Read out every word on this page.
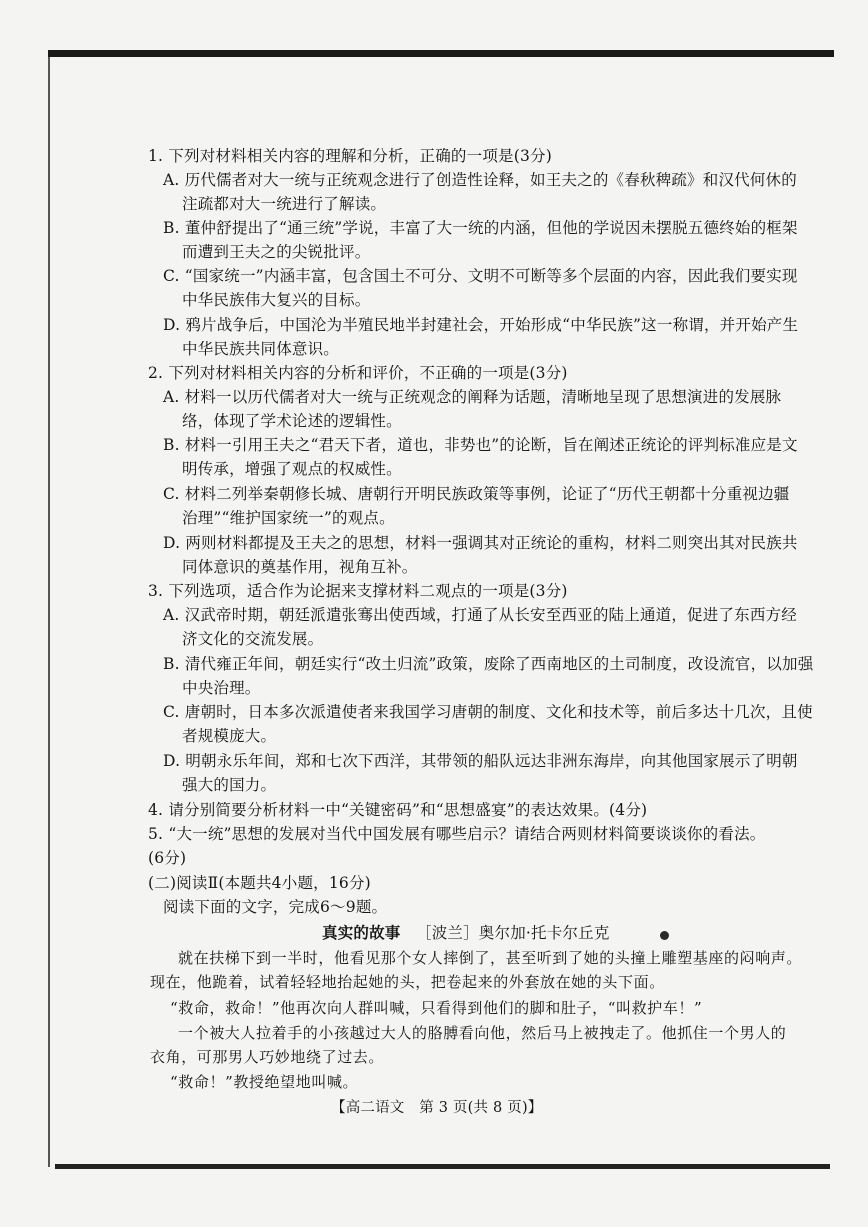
1. 下列对材料相关内容的理解和分析，正确的一项是(3分)
A. 历代儒者对大一统与正统观念进行了创造性诠释，如王夫之的《春秋稗疏》和汉代何休的
注疏都对大一统进行了解读。
B. 董仲舒提出了“通三统”学说，丰富了大一统的内涵，但他的学说因未摆脱五德终始的框架
而遭到王夫之的尖锐批评。
C. “国家统一”内涵丰富，包含国土不可分、文明不可断等多个层面的内容，因此我们要实现
中华民族伟大复兴的目标。
D. 鸦片战争后，中国沦为半殖民地半封建社会，开始形成“中华民族”这一称谓，并开始产生
中华民族共同体意识。
2. 下列对材料相关内容的分析和评价，不正确的一项是(3分)
A. 材料一以历代儒者对大一统与正统观念的阐释为话题，清晰地呈现了思想演进的发展脉
络，体现了学术论述的逻辑性。
B. 材料一引用王夫之“君天下者，道也，非势也”的论断，旨在阐述正统论的评判标准应是文
明传承，增强了观点的权威性。
C. 材料二列举秦朝修长城、唐朝行开明民族政策等事例，论证了“历代王朝都十分重视边疆
治理”“维护国家统一”的观点。
D. 两则材料都提及王夫之的思想，材料一强调其对正统论的重构，材料二则突出其对民族共
同体意识的奠基作用，视角互补。
3. 下列选项，适合作为论据来支撑材料二观点的一项是(3分)
A. 汉武帝时期，朝廷派遣张骞出使西域，打通了从长安至西亚的陆上通道，促进了东西方经
济文化的交流发展。
B. 清代雍正年间，朝廷实行“改土归流”政策，废除了西南地区的土司制度，改设流官，以加强
中央治理。
C. 唐朝时，日本多次派遣使者来我国学习唐朝的制度、文化和技术等，前后多达十几次，且使
者规模庞大。
D. 明朝永乐年间，郑和七次下西洋，其带领的船队远达非洲东海岸，向其他国家展示了明朝
强大的国力。
4. 请分别简要分析材料一中“关键密码”和“思想盛宴”的表达效果。(4分)
5. “大一统”思想的发展对当代中国发展有哪些启示？请结合两则材料简要谈谈你的看法。
(6分)
(二)阅读Ⅱ(本题共4小题，16分)
阅读下面的文字，完成6～9题。
真实的故事 ［波兰］奥尔加·托卡尔丘克
就在扶梯下到一半时，他看见那个女人摔倒了，甚至听到了她的头撞上雕塑基座的闷响声。
现在，他跪着，试着轻轻地抬起她的头，把卷起来的外套放在她的头下面。
“救命，救命！”他再次向人群叫喊，只看得到他们的脚和肚子，“叫救护车！”
一个被大人拉着手的小孩越过大人的胳膊看向他，然后马上被拽走了。他抓住一个男人的
衣角，可那男人巧妙地绕了过去。
“救命！”教授绝望地叫喊。
【高二语文　第 3 页(共 8 页)】
